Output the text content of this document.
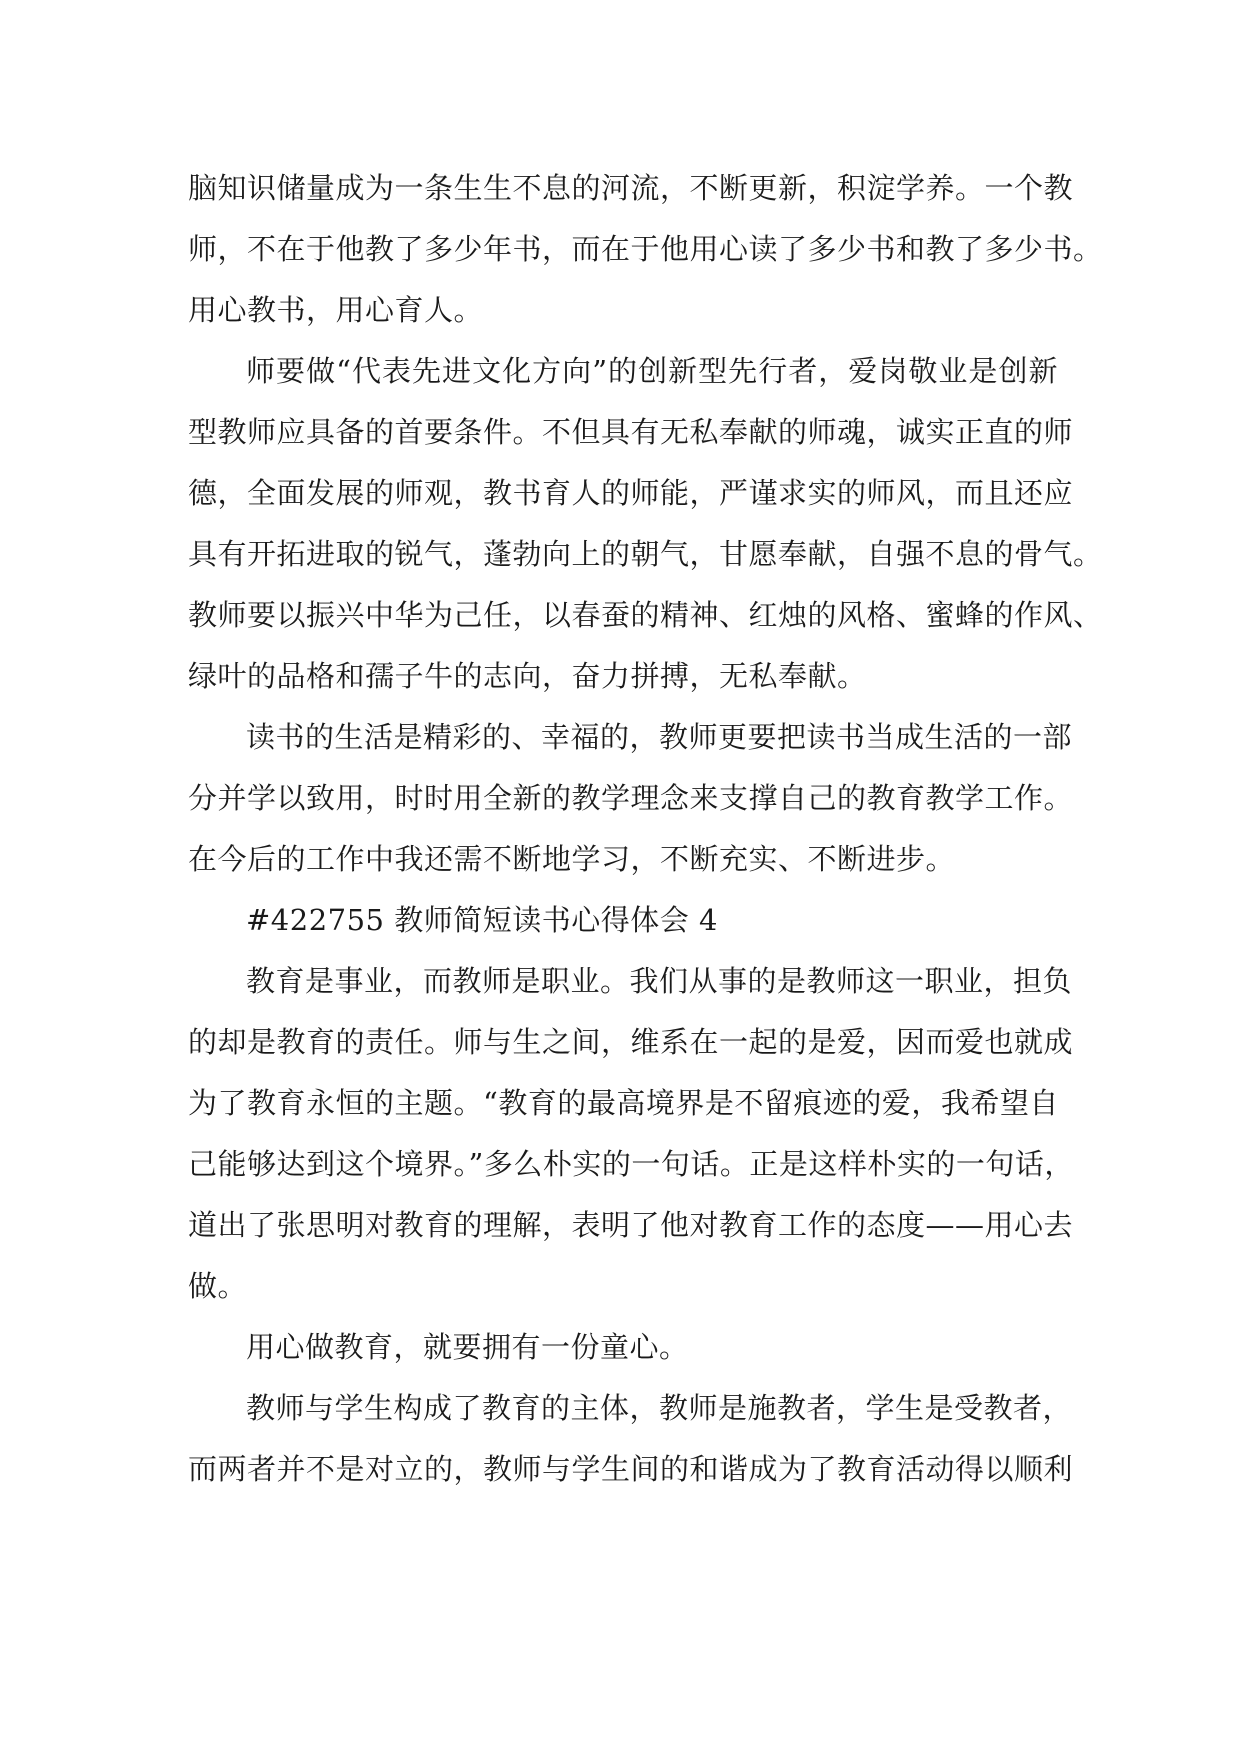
脑知识储量成为一条生生不息的河流，不断更新，积淀学养。一个教
师，不在于他教了多少年书，而在于他用心读了多少书和教了多少书。
用心教书，用心育人。
师要做“代表先进文化方向”的创新型先行者，爱岗敬业是创新
型教师应具备的首要条件。不但具有无私奉献的师魂，诚实正直的师
德，全面发展的师观，教书育人的师能，严谨求实的师风，而且还应
具有开拓进取的锐气，蓬勃向上的朝气，甘愿奉献，自强不息的骨气。
教师要以振兴中华为己任，以春蚕的精神、红烛的风格、蜜蜂的作风、
绿叶的品格和孺子牛的志向，奋力拼搏，无私奉献。
读书的生活是精彩的、幸福的，教师更要把读书当成生活的一部
分并学以致用，时时用全新的教学理念来支撑自己的教育教学工作。
在今后的工作中我还需不断地学习，不断充实、不断进步。
#422755 教师简短读书心得体会 4
教育是事业，而教师是职业。我们从事的是教师这一职业，担负
的却是教育的责任。师与生之间，维系在一起的是爱，因而爱也就成
为了教育永恒的主题。“教育的最高境界是不留痕迹的爱，我希望自
己能够达到这个境界。”多么朴实的一句话。正是这样朴实的一句话，
道出了张思明对教育的理解，表明了他对教育工作的态度——用心去
做。
用心做教育，就要拥有一份童心。
教师与学生构成了教育的主体，教师是施教者，学生是受教者，
而两者并不是对立的，教师与学生间的和谐成为了教育活动得以顺利
